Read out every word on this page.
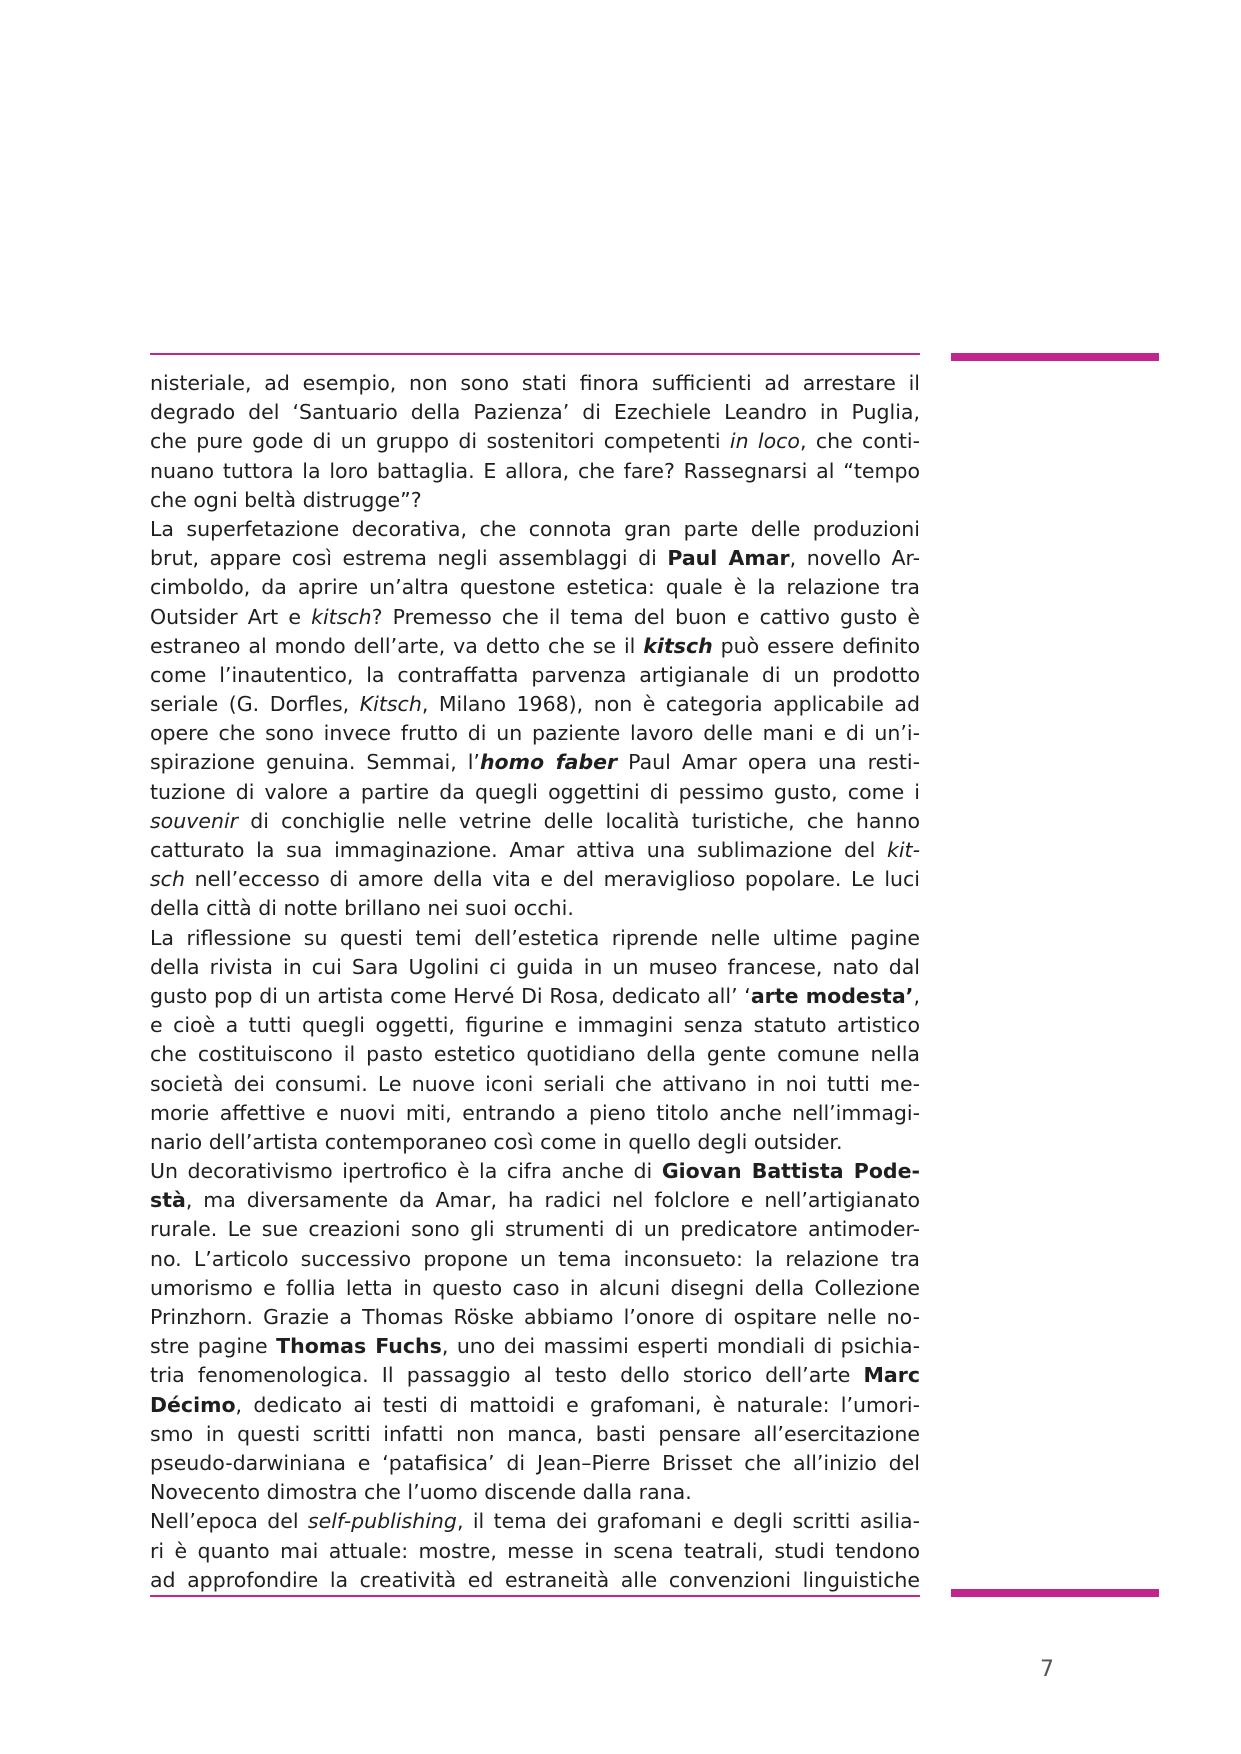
nisteriale, ad esempio, non sono stati finora sufficienti ad arrestare il
degrado del ‘Santuario della Pazienza’ di Ezechiele Leandro in Puglia,
che pure gode di un gruppo di sostenitori competenti in loco, che conti-
nuano tuttora la loro battaglia. E allora, che fare? Rassegnarsi al “tempo
che ogni beltà distrugge”?
La superfetazione decorativa, che connota gran parte delle produzioni
brut, appare così estrema negli assemblaggi di Paul Amar, novello Ar-
cimboldo, da aprire un’altra questone estetica: quale è la relazione tra
Outsider Art e kitsch? Premesso che il tema del buon e cattivo gusto è
estraneo al mondo dell’arte, va detto che se il kitsch può essere definito
come l’inautentico, la contraffatta parvenza artigianale di un prodotto
seriale (G. Dorfles, Kitsch, Milano 1968), non è categoria applicabile ad
opere che sono invece frutto di un paziente lavoro delle mani e di un’i-
spirazione genuina. Semmai, l’homo faber Paul Amar opera una resti-
tuzione di valore a partire da quegli oggettini di pessimo gusto, come i
souvenir di conchiglie nelle vetrine delle località turistiche, che hanno
catturato la sua immaginazione. Amar attiva una sublimazione del kit-
sch nell’eccesso di amore della vita e del meraviglioso popolare. Le luci
della città di notte brillano nei suoi occhi.
La riflessione su questi temi dell’estetica riprende nelle ultime pagine
della rivista in cui Sara Ugolini ci guida in un museo francese, nato dal
gusto pop di un artista come Hervé Di Rosa, dedicato all’ ‘arte modesta’,
e cioè a tutti quegli oggetti, figurine e immagini senza statuto artistico
che costituiscono il pasto estetico quotidiano della gente comune nella
società dei consumi. Le nuove iconi seriali che attivano in noi tutti me-
morie affettive e nuovi miti, entrando a pieno titolo anche nell’immagi-
nario dell’artista contemporaneo così come in quello degli outsider.
Un decorativismo ipertrofico è la cifra anche di Giovan Battista Pode-
stà, ma diversamente da Amar, ha radici nel folclore e nell’artigianato
rurale. Le sue creazioni sono gli strumenti di un predicatore antimoder-
no. L’articolo successivo propone un tema inconsueto: la relazione tra
umorismo e follia letta in questo caso in alcuni disegni della Collezione
Prinzhorn. Grazie a Thomas Röske abbiamo l’onore di ospitare nelle no-
stre pagine Thomas Fuchs, uno dei massimi esperti mondiali di psichia-
tria fenomenologica. Il passaggio al testo dello storico dell’arte Marc
Décimo, dedicato ai testi di mattoidi e grafomani, è naturale: l’umori-
smo in questi scritti infatti non manca, basti pensare all’esercitazione
pseudo-darwiniana e ‘patafisica’ di Jean–Pierre Brisset che all’inizio del
Novecento dimostra che l’uomo discende dalla rana.
Nell’epoca del self-publishing, il tema dei grafomani e degli scritti asilia-
ri è quanto mai attuale: mostre, messe in scena teatrali, studi tendono
ad approfondire la creatività ed estraneità alle convenzioni linguistiche
7
